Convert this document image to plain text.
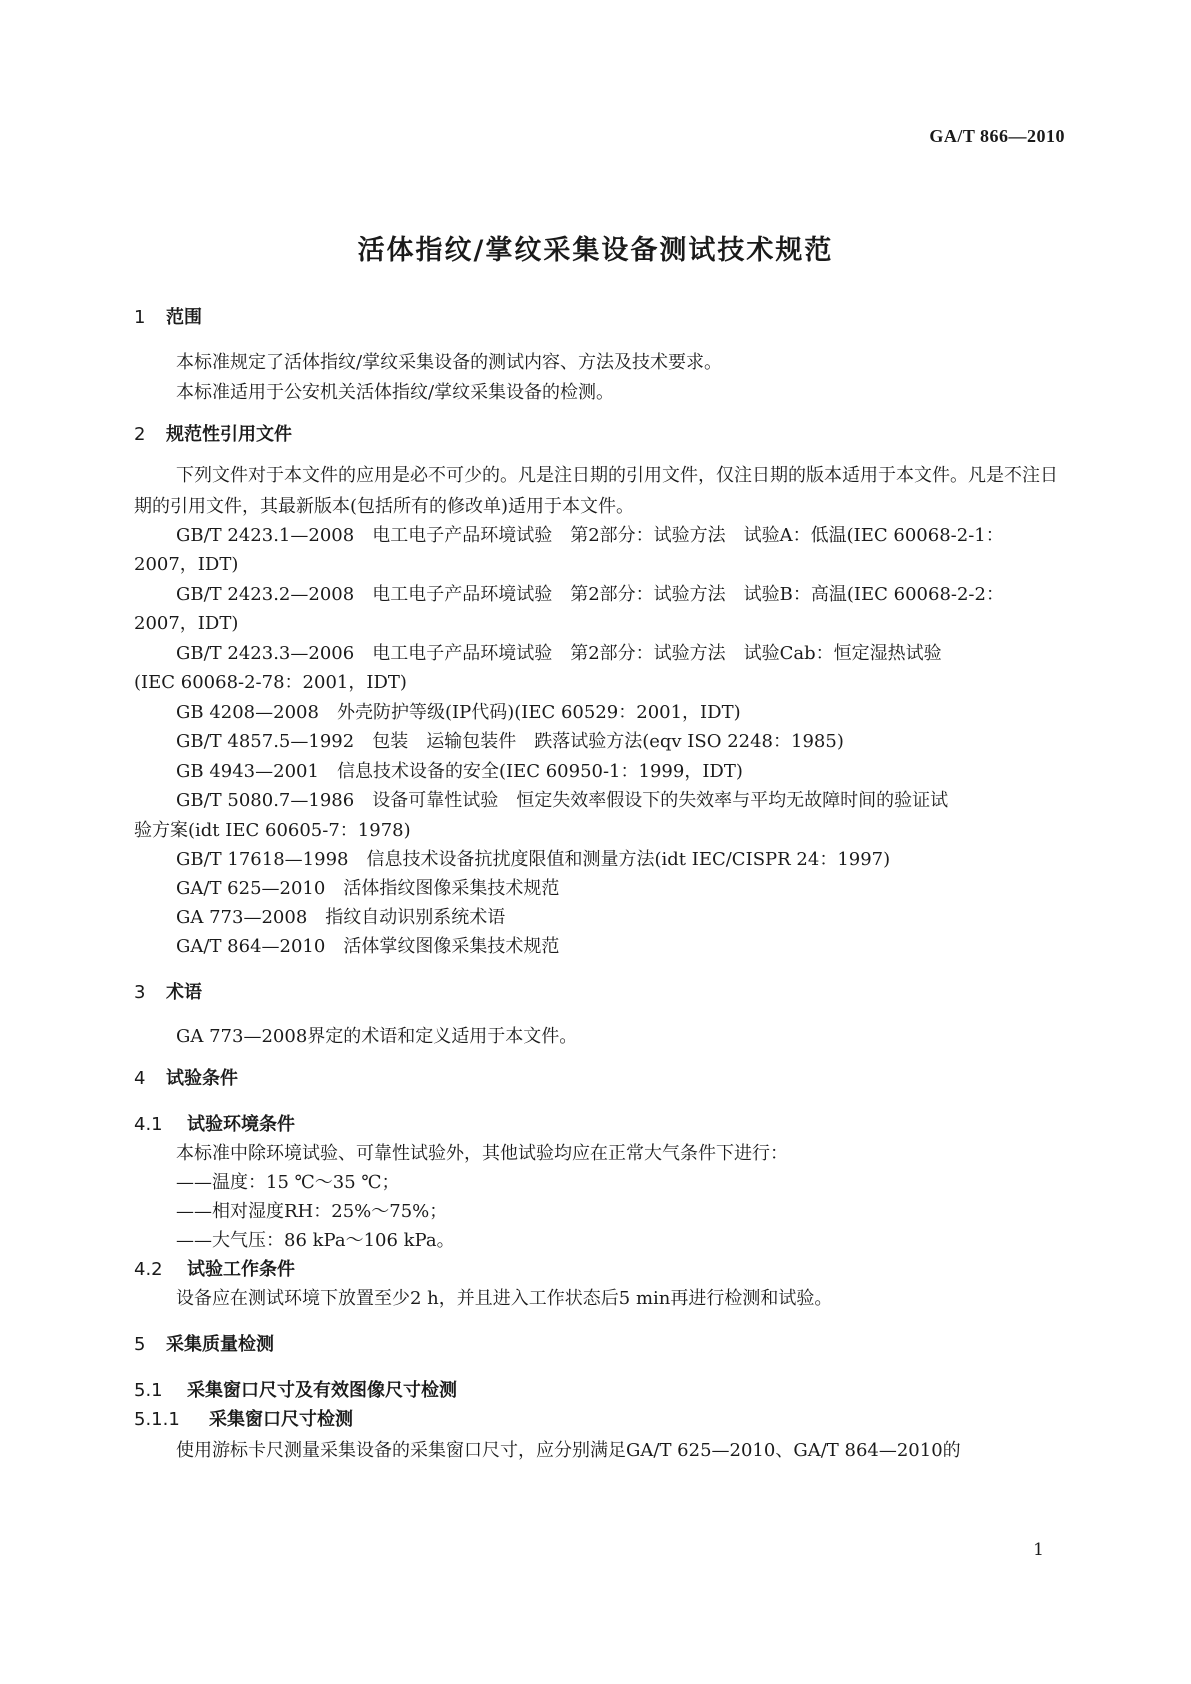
GA/T 866—2010
活体指纹/掌纹采集设备测试技术规范
1 范围
本标准规定了活体指纹/掌纹采集设备的测试内容、方法及技术要求。
本标准适用于公安机关活体指纹/掌纹采集设备的检测。
2 规范性引用文件
下列文件对于本文件的应用是必不可少的。凡是注日期的引用文件，仅注日期的版本适用于本文件。凡是不注日期的引用文件，其最新版本(包括所有的修改单)适用于本文件。
GB/T 2423.1—2008　电工电子产品环境试验　第2部分：试验方法　试验A：低温(IEC 60068-2-1：
2007，IDT)
GB/T 2423.2—2008　电工电子产品环境试验　第2部分：试验方法　试验B：高温(IEC 60068-2-2：
2007，IDT)
GB/T 2423.3—2006　电工电子产品环境试验　第2部分：试验方法　试验Cab：恒定湿热试验
(IEC 60068-2-78：2001，IDT)
GB 4208—2008　外壳防护等级(IP代码)(IEC 60529：2001，IDT)
GB/T 4857.5—1992　包装　运输包装件　跌落试验方法(eqv ISO 2248：1985)
GB 4943—2001　信息技术设备的安全(IEC 60950-1：1999，IDT)
GB/T 5080.7—1986　设备可靠性试验　恒定失效率假设下的失效率与平均无故障时间的验证试
验方案(idt IEC 60605-7：1978)
GB/T 17618—1998　信息技术设备抗扰度限值和测量方法(idt IEC/CISPR 24：1997)
GA/T 625—2010　活体指纹图像采集技术规范
GA 773—2008　指纹自动识别系统术语
GA/T 864—2010　活体掌纹图像采集技术规范
3 术语
GA 773—2008界定的术语和定义适用于本文件。
4 试验条件
4.1 试验环境条件
本标准中除环境试验、可靠性试验外，其他试验均应在正常大气条件下进行：
——温度：15 ℃～35 ℃；
——相对湿度RH：25%～75%；
——大气压：86 kPa～106 kPa。
4.2 试验工作条件
设备应在测试环境下放置至少2 h，并且进入工作状态后5 min再进行检测和试验。
5 采集质量检测
5.1 采集窗口尺寸及有效图像尺寸检测
5.1.1 采集窗口尺寸检测
使用游标卡尺测量采集设备的采集窗口尺寸，应分别满足GA/T 625—2010、GA/T 864—2010的
1
